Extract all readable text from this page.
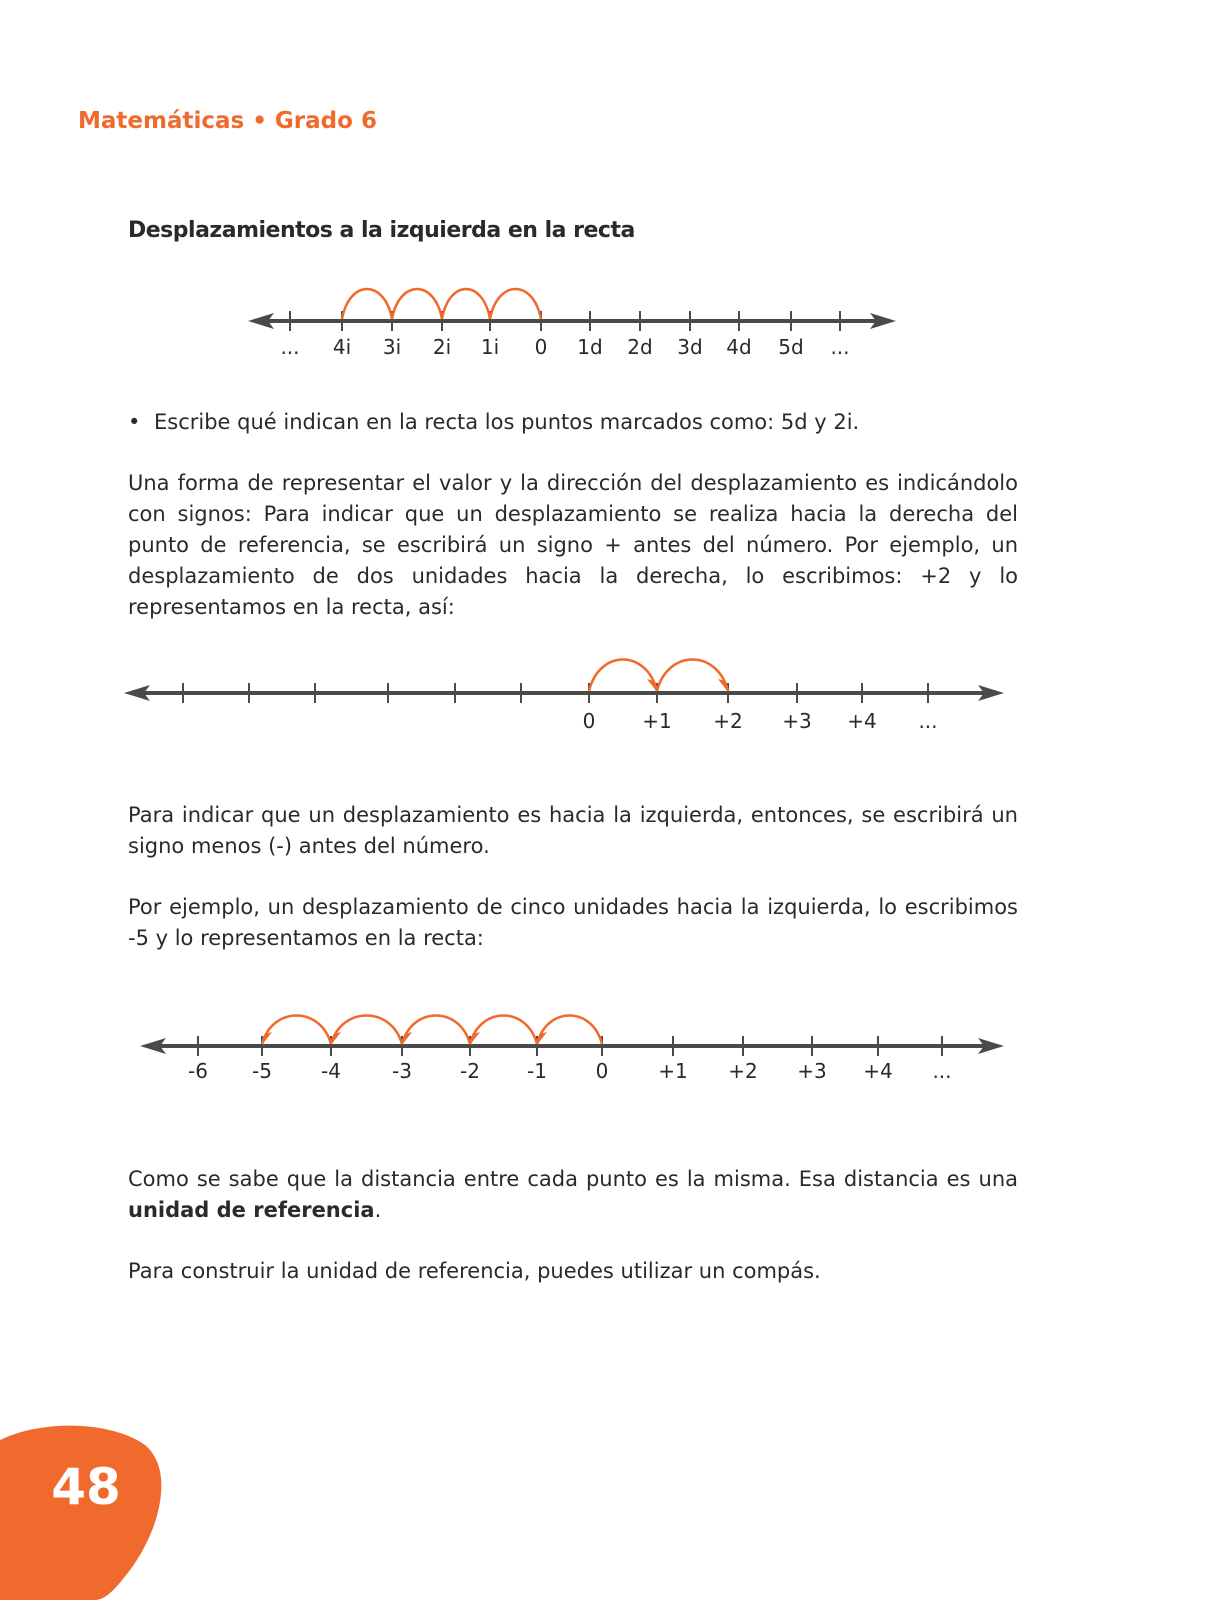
Matemáticas • Grado 6
Desplazamientos a la izquierda en la recta
... 4i 3i 2i 1i 0 1d 2d 3d 4d 5d ...
0 +1 +2 +3 +4 ...
-6 -5 -4	-3 -2 -1 0 +1 +2 +3 +4 ...
• Escribe qué indican en la recta los puntos marcados como: 5d y 2i.
Una forma de representar el valor y la dirección del desplazamiento es indicándolo con signos: Para indicar que un desplazamiento se realiza hacia la derecha del punto de referencia, se escribirá un signo + antes del número. Por ejemplo, un desplazamiento de dos unidades hacia la derecha, lo escribimos: +2 y lo representamos en la recta, así:
Para indicar que un desplazamiento es hacia la izquierda, entonces, se escribirá un signo menos (-) antes del número.
Por ejemplo, un desplazamiento de cinco unidades hacia la izquierda, lo escribimos -5 y lo representamos en la recta:
Como se sabe que la distancia entre cada punto es la misma. Esa distancia es una unidad de referencia.
Para construir la unidad de referencia, puedes utilizar un compás.
48
